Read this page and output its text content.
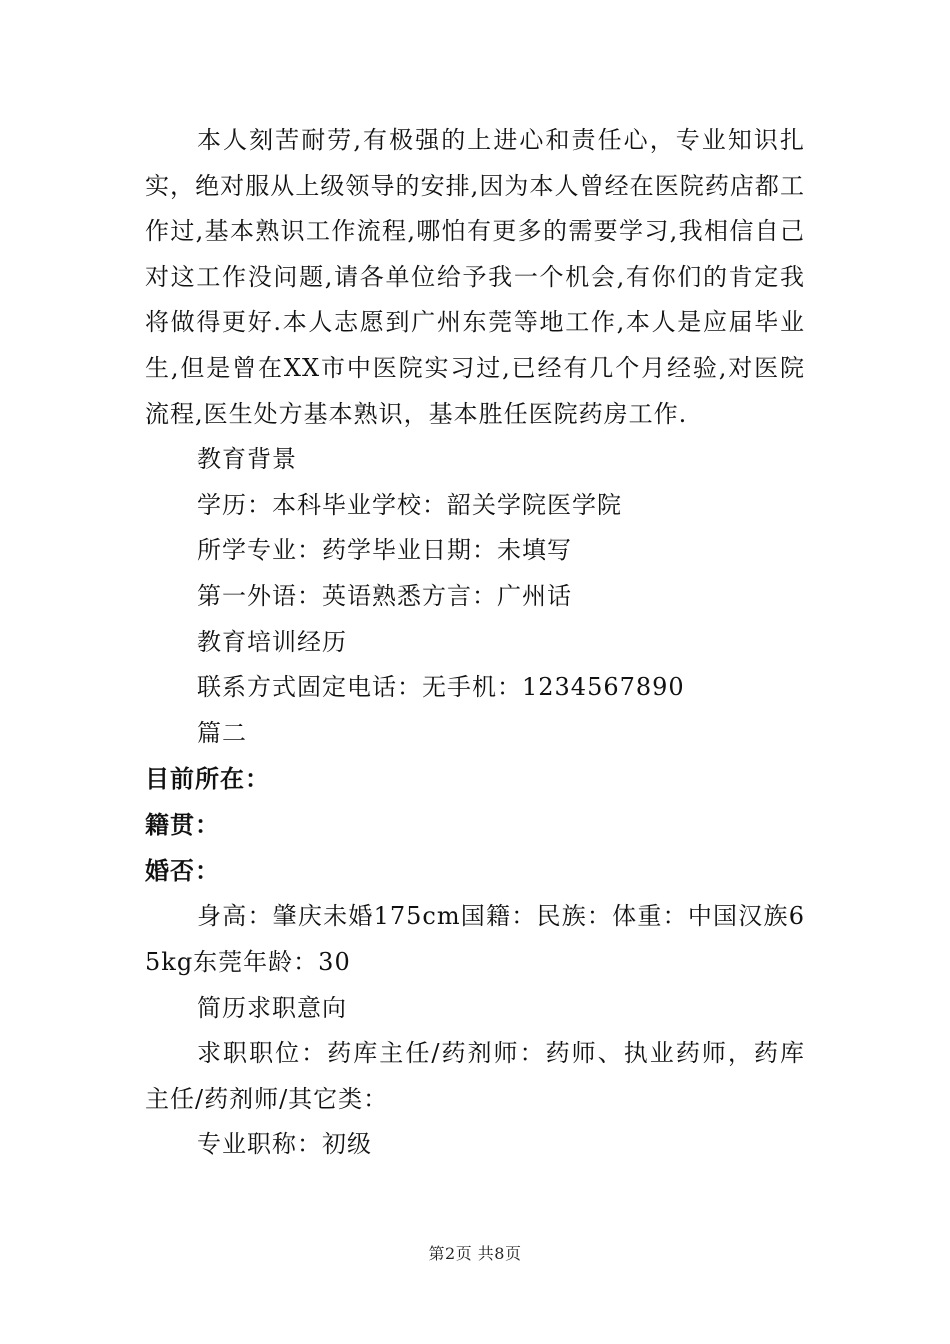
本人刻苦耐劳,有极强的上进心和责任心，专业知识扎实，绝对服从上级领导的安排,因为本人曾经在医院药店都工作过,基本熟识工作流程,哪怕有更多的需要学习,我相信自己对这工作没问题,请各单位给予我一个机会,有你们的肯定我将做得更好.本人志愿到广州东莞等地工作,本人是应届毕业生,但是曾在XX市中医院实习过,已经有几个月经验,对医院流程,医生处方基本熟识，基本胜任医院药房工作.

教育背景
学历：本科毕业学校：韶关学院医学院
所学专业：药学毕业日期：未填写
第一外语：英语熟悉方言：广州话
教育培训经历
联系方式固定电话：无手机：1234567890
篇二
目前所在：
籍贯：
婚否：

身高：肇庆未婚175cm国籍：民族：体重：中国汉族65kg东莞年龄：30

简历求职意向

求职职位：药库主任/药剂师：药师、执业药师，药库主任/药剂师/其它类：

专业职称：初级
第2页 共8页
